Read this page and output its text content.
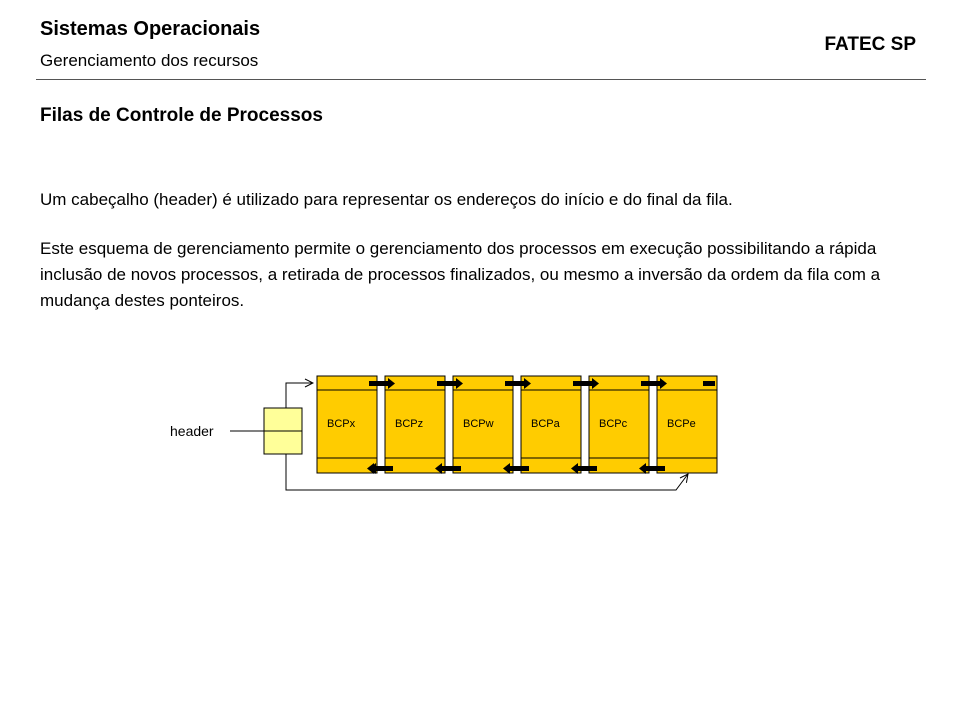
Sistemas Operacionais
Gerenciamento dos recursos
FATEC SP
Filas de Controle de Processos
Um cabeçalho (header) é utilizado para representar os endereços do início e do final da fila.
Este esquema de gerenciamento permite o gerenciamento dos processos em execução possibilitando a rápida inclusão de novos processos, a retirada de processos finalizados, ou mesmo a inversão da ordem da fila com a mudança destes ponteiros.
header	BCPx	BCPz	BCPw	BCPa	BCPc	BCPe
